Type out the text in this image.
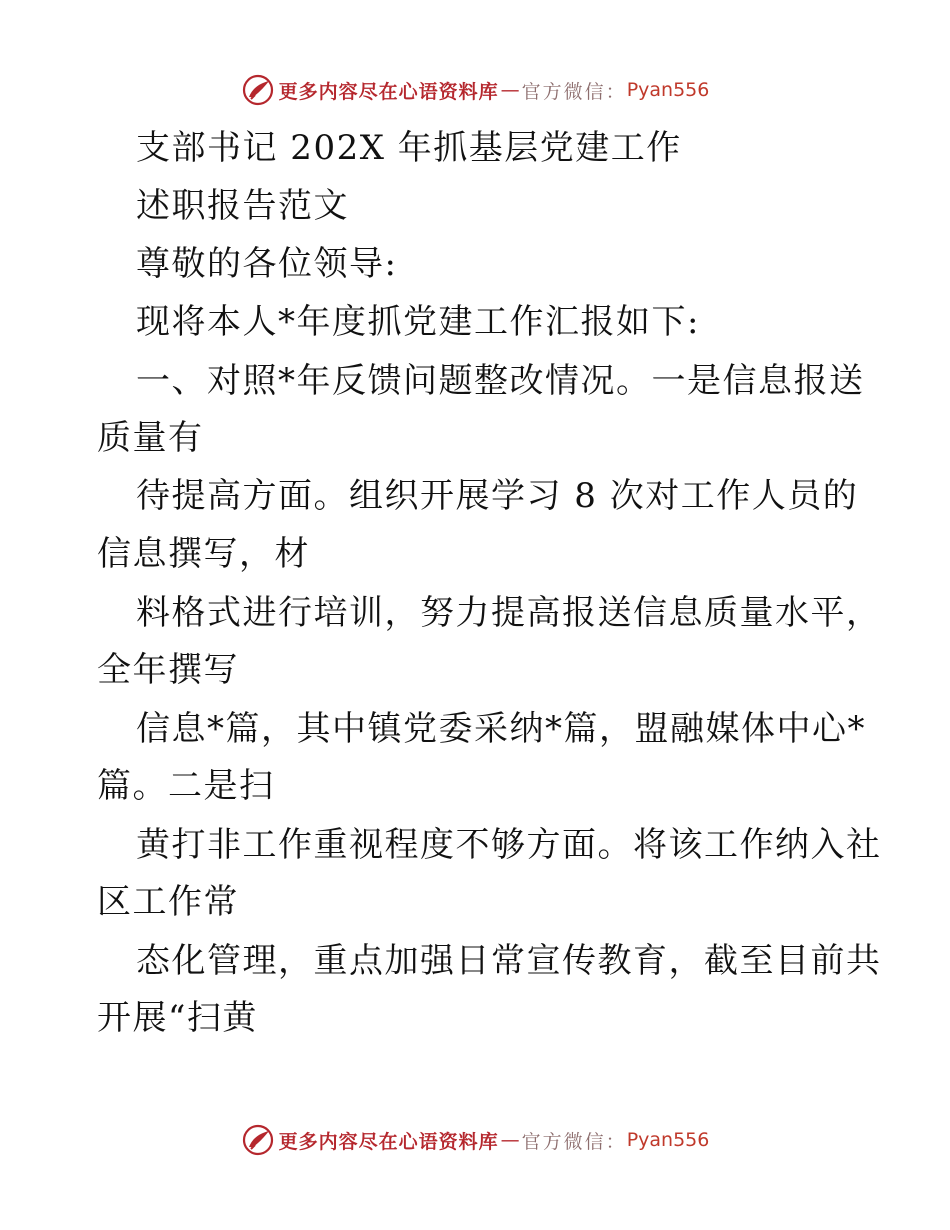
更多内容尽在心语资料库 — 官方微信： Pyan556
支部书记 202X 年抓基层党建工作
述职报告范文
尊敬的各位领导:
现将本人*年度抓党建工作汇报如下:
一、对照*年反馈问题整改情况。一是信息报送
质量有
待提高方面。组织开展学习 8 次对工作人员的
信息撰写，材
料格式进行培训，努力提高报送信息质量水平，
全年撰写
信息*篇，其中镇党委采纳*篇，盟融媒体中心*
篇。二是扫
黄打非工作重视程度不够方面。将该工作纳入社
区工作常
态化管理，重点加强日常宣传教育，截至目前共
开展“扫黄
更多内容尽在心语资料库 — 官方微信： Pyan556
